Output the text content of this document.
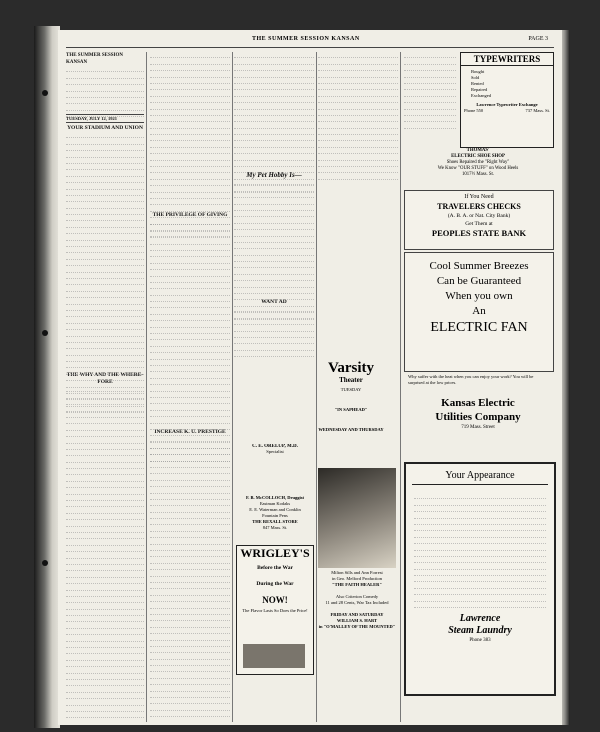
THE SUMMER SESSION KANSAN	PAGE 3
THE SUMMER SESSION KANSAN
TUESDAY, JULY 12, 1921
YOUR STADIUM AND UNION
THE WHY AND THE WHERE-FORE
THE PRIVILEGE OF GIVING
INCREASE K. U. PRESTIGE
My Pet Hobby Is—
WANT AD
Varsity
Theater
TUESDAY
"IN SAPHEAD"
WEDNESDAY AND THURSDAY
C. E. ORELUP, M.D.
Specialist
F. B. McCOLLOCH, Druggist
Eastman Kodaks
E. E. Waterman and Conklin
Fountain Pens
THE REXALL STORE
847 Mass. St.
WRIGLEY'S
Before the War
During the War
NOW!
The Flavor Lasts So Does the Price!
Milton Sills and Ann Forrest
in Geo. Melford Production
"THE FAITH HEALER"
Also Criterion Comedy
11 and 28 Cents, War Tax Included
FRIDAY AND SATURDAY
WILLIAM S. HART
in "O'MALLEY OF THE MOUNTED"
TYPEWRITERS
Bought
Sold
Rented
Repaired
Exchanged
Lawrence Typewriter Exchange
Phone 550	737 Mass. St.
THOMAS'
ELECTRIC SHOE SHOP
Shoes Repaired the "Right Way"
We Know "OUR STUFF" on Wood Heels
1017½ Mass. St.
If You Need
TRAVELERS CHECKS
(A. B. A. or Nat. City Bank)
Get Them at
PEOPLES STATE BANK
Cool Summer Breezes
Can be Guaranteed
When you own
An
ELECTRIC FAN
Why suffer with the heat when you can enjoy your work? You will be surprised at the low prices.
Kansas Electric
Utilities Company
719 Mass. Street
Your Appearance
Lawrence
Steam Laundry
Phone 383
